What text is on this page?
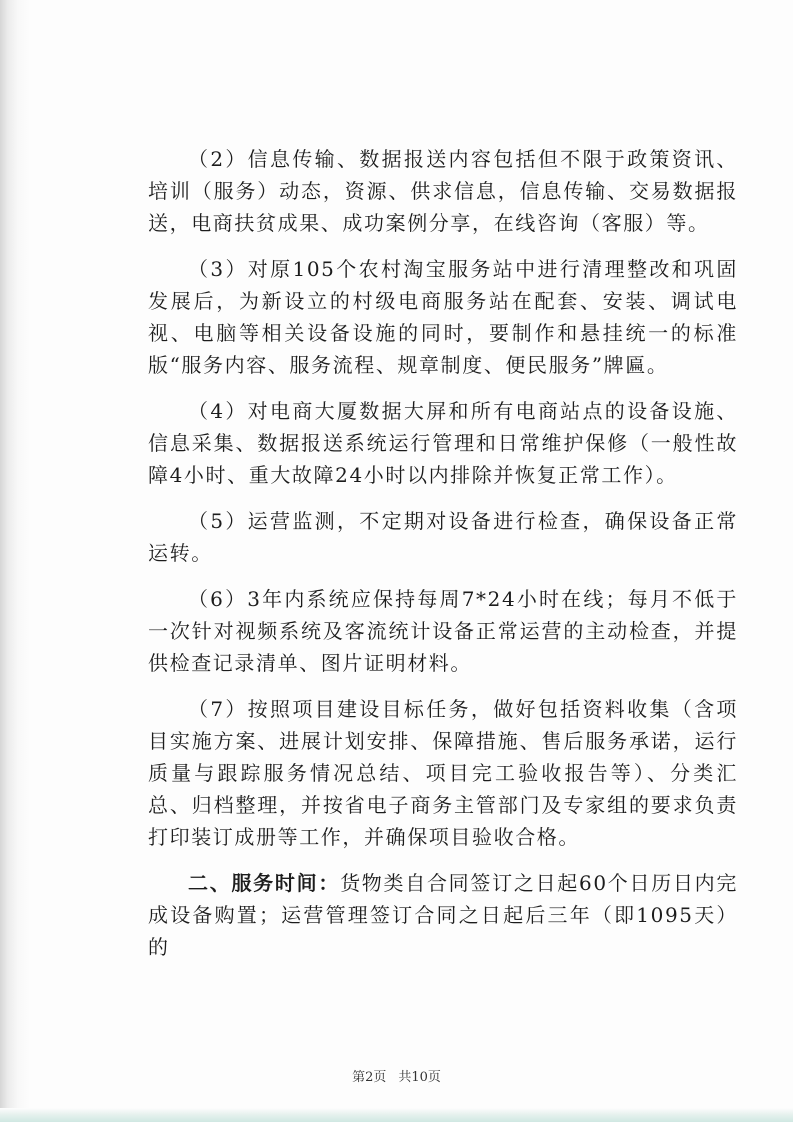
（2）信息传输、数据报送内容包括但不限于政策资讯、培训（服务）动态，资源、供求信息，信息传输、交易数据报送，电商扶贫成果、成功案例分享，在线咨询（客服）等。

（3）对原105个农村淘宝服务站中进行清理整改和巩固发展后，为新设立的村级电商服务站在配套、安装、调试电视、电脑等相关设备设施的同时，要制作和悬挂统一的标准版“服务内容、服务流程、规章制度、便民服务”牌匾。

（4）对电商大厦数据大屏和所有电商站点的设备设施、信息采集、数据报送系统运行管理和日常维护保修（一般性故障4小时、重大故障24小时以内排除并恢复正常工作）。

（5）运营监测，不定期对设备进行检查，确保设备正常运转。

（6）3年内系统应保持每周7*24小时在线；每月不低于一次针对视频系统及客流统计设备正常运营的主动检查，并提供检查记录清单、图片证明材料。

（7）按照项目建设目标任务，做好包括资料收集（含项目实施方案、进展计划安排、保障措施、售后服务承诺，运行质量与跟踪服务情况总结、项目完工验收报告等）、分类汇总、归档整理，并按省电子商务主管部门及专家组的要求负责打印装订成册等工作，并确保项目验收合格。

二、服务时间：货物类自合同签订之日起60个日历日内完成设备购置；运营管理签订合同之日起后三年（即1095天）的

第2页 共10页
